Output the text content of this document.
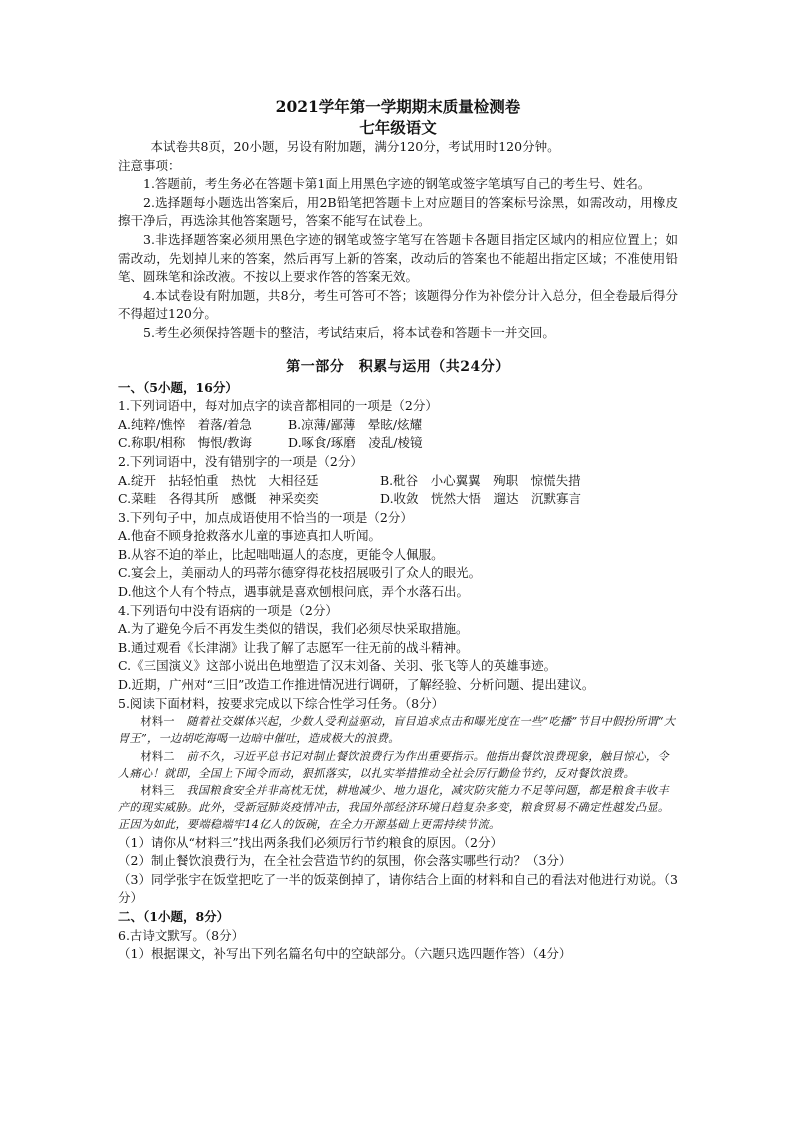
2021学年第一学期期末质量检测卷

七年级语文

本试卷共8页，20小题，另设有附加题，满分120分，考试用时120分钟。

注意事项：

1.答题前，考生务必在答题卡第1面上用黑色字迹的钢笔或签字笔填写自己的考生号、姓名。

2.选择题每小题选出答案后，用2B铅笔把答题卡上对应题目的答案标号涂黑，如需改动，用橡皮擦干净后，再选涂其他答案题号，答案不能写在试卷上。

3.非选择题答案必须用黑色字迹的钢笔或签字笔写在答题卡各题目指定区域内的相应位置上；如需改动，先划掉儿来的答案，然后再写上新的答案，改动后的答案也不能超出指定区域；不准使用铅笔、圆珠笔和涂改液。不按以上要求作答的答案无效。

4.本试卷设有附加题，共8分，考生可答可不答；该题得分作为补偿分计入总分，但全卷最后得分不得超过120分。

5.考生必须保持答题卡的整洁，考试结束后，将本试卷和答题卡一并交回。

第一部分　积累与运用（共24分）

一、（5小题，16分）

1.下列词语中，每对加点字的读音都相同的一项是（2分）

A.纯粹/憔悴　着落/着急	B.凉薄/鄙薄　晕眩/炫耀
C.称职/相称　悔恨/教诲	D.啄食/琢磨　凌乱/棱镜

2.下列词语中，没有错别字的一项是（2分）

A.绽开　拈轻怕重　热忱　大相径廷	B.秕谷　小心翼翼　殉职　惊慌失措
C.菜畦　各得其所　感慨　神采奕奕	D.收敛　恍然大悟　遛达　沉默寡言

3.下列句子中，加点成语使用不恰当的一项是（2分）

A.他奋不顾身抢救落水儿童的事迹真扣人听闻。

B.从容不迫的举止，比起咄咄逼人的态度，更能令人佩服。

C.宴会上，美丽动人的玛蒂尔德穿得花枝招展吸引了众人的眼光。

D.他这个人有个特点，遇事就是喜欢刨根问底，弄个水落石出。

4.下列语句中没有语病的一项是（2分）

A.为了避免今后不再发生类似的错误，我们必须尽快采取措施。

B.通过观看《长津湖》让我了解了志愿军一往无前的战斗精神。

C.《三国演义》这部小说出色地塑造了汉末刘备、关羽、张飞等人的英雄事迹。

D.近期，广州对“三旧”改造工作推进情况进行调研，了解经验、分析问题、提出建议。

5.阅读下面材料，按要求完成以下综合性学习任务。（8分）

材料一　 随着社交媒体兴起，少数人受利益驱动，盲目追求点击和曝光度在一些“吃播”节目中假扮所谓“大胃王”，一边胡吃海喝一边暗中催吐，造成极大的浪费。

材料二　 前不久，习近平总书记对制止餐饮浪费行为作出重要指示。他指出餐饮浪费现象，触目惊心，令人痛心！就即，全国上下闻令而动，狠抓落实，以扎实举措推动全社会厉行勤俭节约，反对餐饮浪费。

材料三　 我国粮食安全并非高枕无忧，耕地减少、地力退化，减灾防灾能力不足等问题，都是粮食丰收丰产的现实威胁。此外，受新冠肺炎疫情冲击，我国外部经济环境日趋复杂多变，粮食贸易不确定性越发凸显。正因为如此，要端稳端牢14亿人的饭碗，在全力开源基础上更需持续节流。

（1）请你从“材料三”找出两条我们必须厉行节约粮食的原因。（2分）

（2）制止餐饮浪费行为，在全社会营造节约的氛围，你会落实哪些行动？（3分）

（3）同学张宇在饭堂把吃了一半的饭菜倒掉了，请你结合上面的材料和自己的看法对他进行劝说。（3分）

二、（1小题，8分）

6.古诗文默写。（8分）

（1）根据课文，补写出下列名篇名句中的空缺部分。（六题只选四题作答）（4分）
